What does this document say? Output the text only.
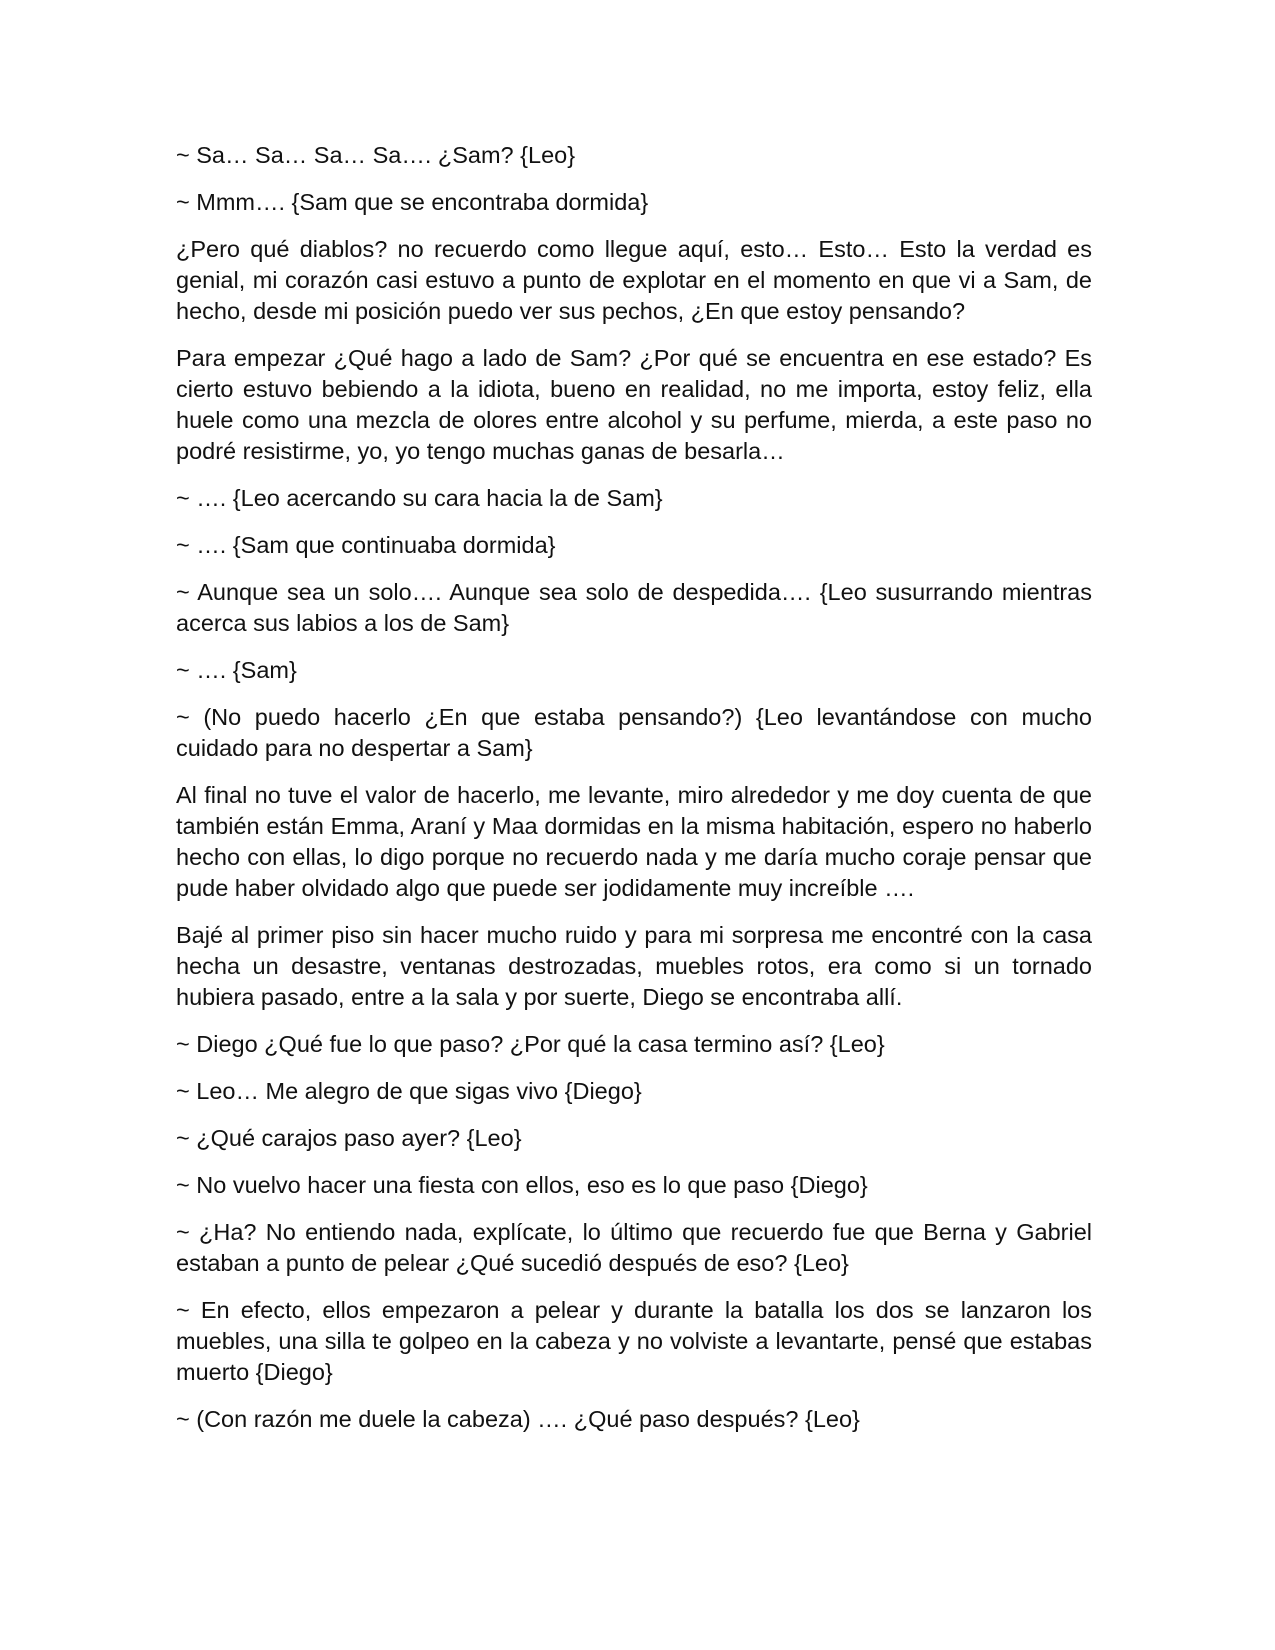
~ Sa… Sa… Sa… Sa…. ¿Sam? {Leo}

~ Mmm…. {Sam que se encontraba dormida}

¿Pero qué diablos? no recuerdo como llegue aquí, esto… Esto… Esto la verdad es genial, mi corazón casi estuvo a punto de explotar en el momento en que vi a Sam, de hecho, desde mi posición puedo ver sus pechos, ¿En que estoy pensando?

Para empezar ¿Qué hago a lado de Sam? ¿Por qué se encuentra en ese estado? Es cierto estuvo bebiendo a la idiota, bueno en realidad, no me importa, estoy feliz, ella huele como una mezcla de olores entre alcohol y su perfume, mierda, a este paso no podré resistirme, yo, yo tengo muchas ganas de besarla…

~ …. {Leo acercando su cara hacia la de Sam}

~ …. {Sam que continuaba dormida}

~ Aunque sea un solo…. Aunque sea solo de despedida…. {Leo susurrando mientras acerca sus labios a los de Sam}

~ …. {Sam}

~ (No puedo hacerlo ¿En que estaba pensando?) {Leo levantándose con mucho cuidado para no despertar a Sam}

Al final no tuve el valor de hacerlo, me levante, miro alrededor y me doy cuenta de que también están Emma, Araní y Maa dormidas en la misma habitación, espero no haberlo hecho con ellas, lo digo porque no recuerdo nada y me daría mucho coraje pensar que pude haber olvidado algo que puede ser jodidamente muy increíble ….

Bajé al primer piso sin hacer mucho ruido y para mi sorpresa me encontré con la casa hecha un desastre, ventanas destrozadas, muebles rotos, era como si un tornado hubiera pasado, entre a la sala y por suerte, Diego se encontraba allí.

~ Diego ¿Qué fue lo que paso? ¿Por qué la casa termino así? {Leo}

~ Leo… Me alegro de que sigas vivo {Diego}

~ ¿Qué carajos paso ayer? {Leo}

~ No vuelvo hacer una fiesta con ellos, eso es lo que paso {Diego}

~ ¿Ha? No entiendo nada, explícate, lo último que recuerdo fue que Berna y Gabriel estaban a punto de pelear ¿Qué sucedió después de eso? {Leo}

~ En efecto, ellos empezaron a pelear y durante la batalla los dos se lanzaron los muebles, una silla te golpeo en la cabeza y no volviste a levantarte, pensé que estabas muerto {Diego}

~ (Con razón me duele la cabeza) …. ¿Qué paso después? {Leo}
